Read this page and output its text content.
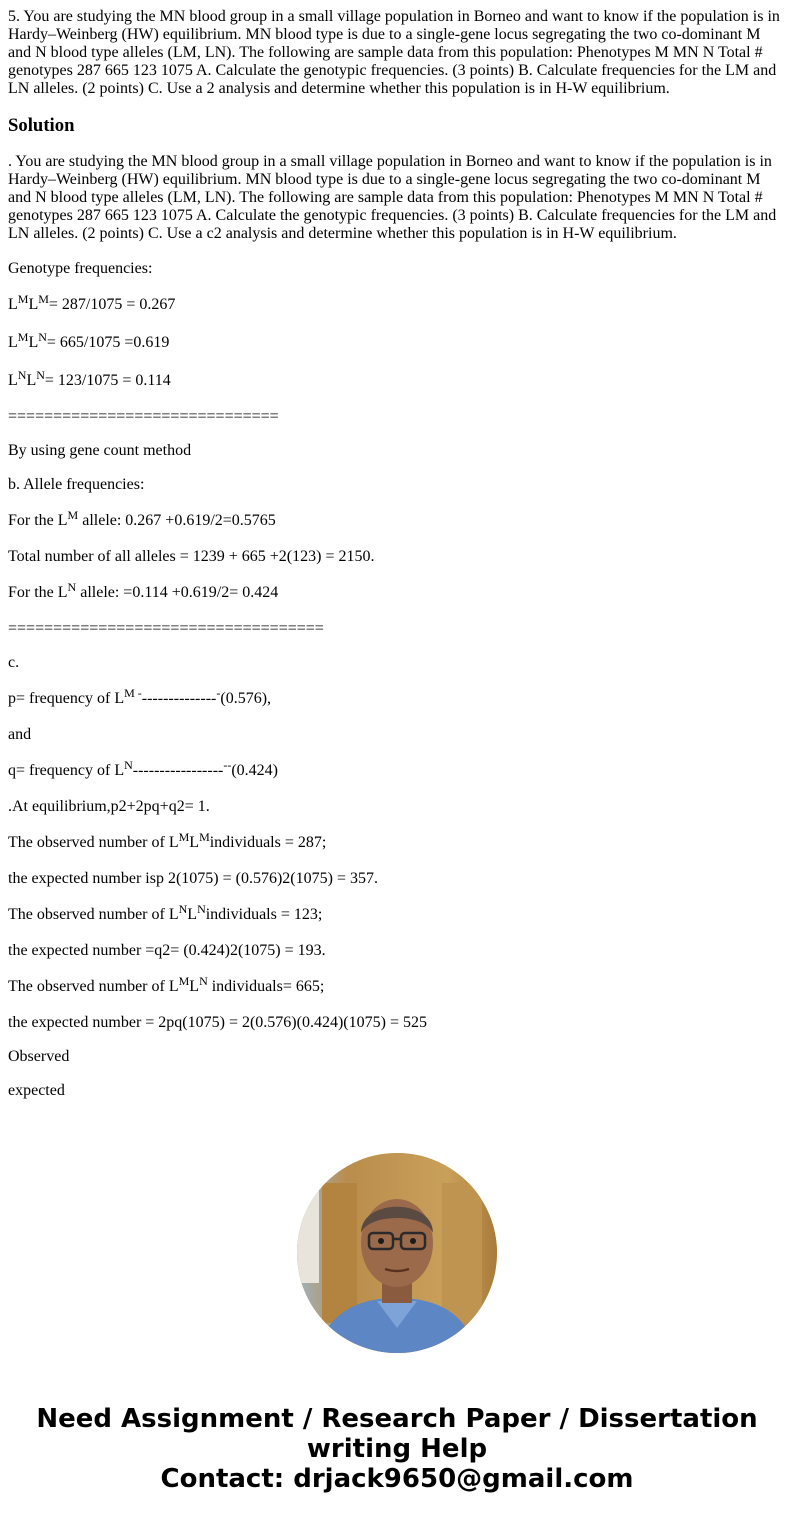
5. You are studying the MN blood group in a small village population in Borneo and want to know if the population is in Hardy–Weinberg (HW) equilibrium. MN blood type is due to a single-gene locus segregating the two co-dominant M and N blood type alleles (LM, LN). The following are sample data from this population: Phenotypes M MN N Total # genotypes 287 665 123 1075 A. Calculate the genotypic frequencies. (3 points) B. Calculate frequencies for the LM and LN alleles. (2 points) C. Use a 2 analysis and determine whether this population is in H-W equilibrium.

Solution

. You are studying the MN blood group in a small village population in Borneo and want to know if the population is in Hardy–Weinberg (HW) equilibrium. MN blood type is due to a single-gene locus segregating the two co-dominant M and N blood type alleles (LM, LN). The following are sample data from this population: Phenotypes M MN N Total # genotypes 287 665 123 1075 A. Calculate the genotypic frequencies. (3 points) B. Calculate frequencies for the LM and LN alleles. (2 points) C. Use a c2 analysis and determine whether this population is in H-W equilibrium.

Genotype frequencies:

$L^ML^M= 287/1075 = 0.267$

$L^ML^N= 665/1075 =0.619$

$L^NL^N= 123/1075 = 0.114$

==============================

By using gene count method

b. Allele frequencies:

For the $L^M$ allele: 0.267 +0.619/2=0.5765

Total number of all alleles = 1239 + 665 +2(123) = 2150.

For the $L^N$ allele: =0.114 +0.619/2= 0.424

===================================

c.

p= frequency of $L^{M -}--------------^-(0.576)$,

and

q= frequency of $L^N-----------------^{--}(0.424)$

.At equilibrium,p2+2pq+q2= 1.

The observed number of $L^ML^Mindividuals = 287$;

the expected number isp 2(1075) = (0.576)2(1075) = 357.

The observed number of $L^NL^Nindividuals = 123$;

the expected number =q2= (0.424)2(1075) = 193.

The observed number of $L^ML^N$ individuals= 665;

the expected number = 2pq(1075) = 2(0.576)(0.424)(1075) = 525

Observed

expected

Need Assignment / Research Paper / Dissertation
writing Help
Contact: drjack9650@gmail.com
